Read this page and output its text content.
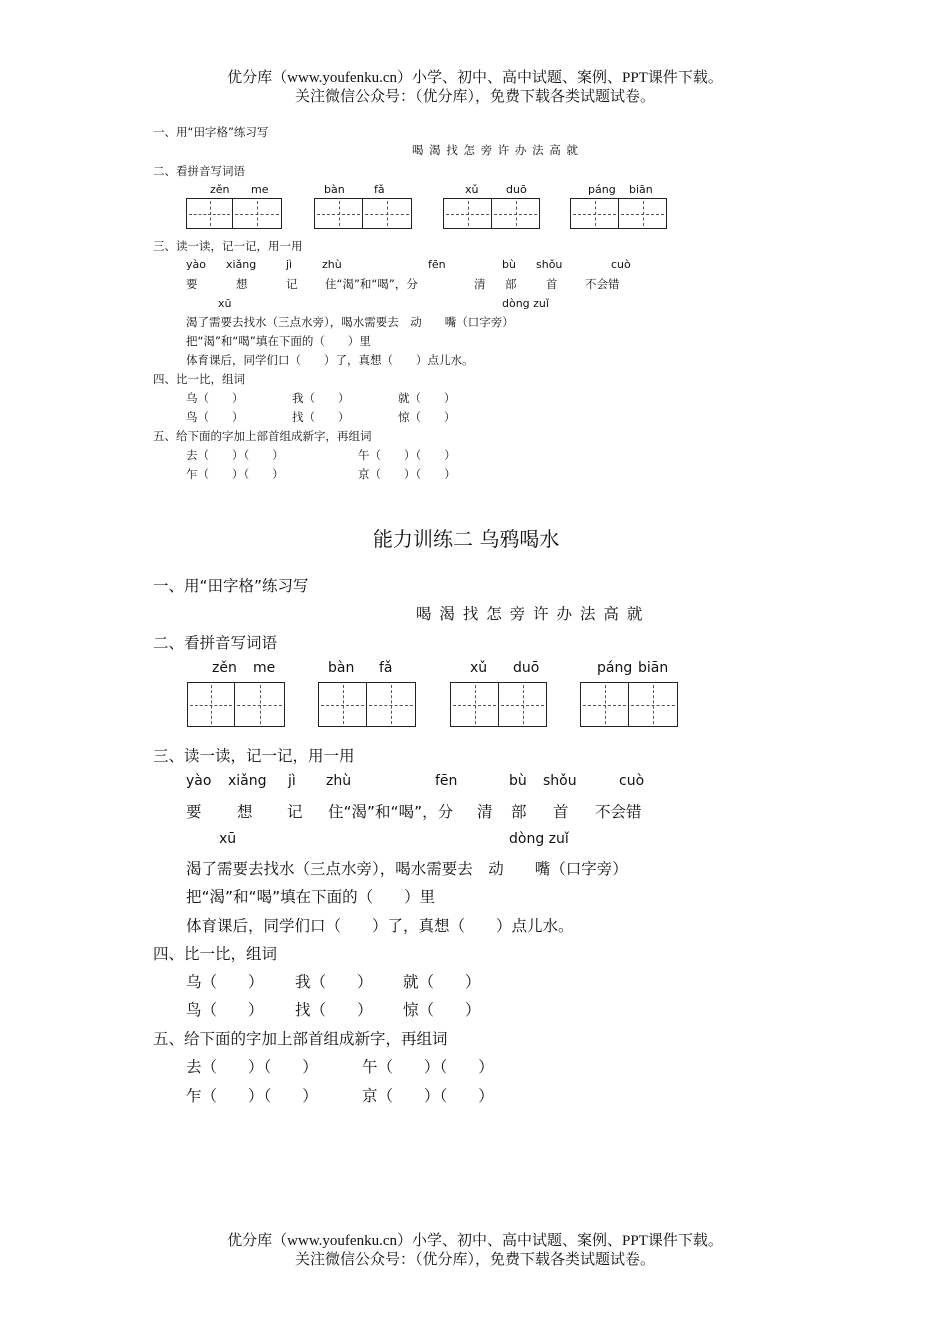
优分库（www.youfenku.cn）小学、初中、高中试题、案例、PPT课件下载。
关注微信公众号：（优分库），免费下载各类试题试卷。
一、用“田字格”练习写
喝 渴 找 怎 旁 许 办 法 高 就
二、看拼音写词语
zěn me	bàn	fǎ	xǔ	duō	páng biān
三、读一读，记一记，用一用
yào xiǎng	jì	zhù	fēn	bù shǒu	cuò
要	想	记 住“渴”和“喝”，分	清 部	首 不会错
xū	dòng zuǐ
渴了需要去找水（三点水旁），喝水需要去　动　　嘴（口字旁）
把“渴”和“喝”填在下面的（　　）里
体育课后，同学们口（　　）了，真想（　　）点儿水。
四、比一比，组词
乌（　　）	我（　　）	就（　　）
鸟（　　）	找（　　）	惊（　　）
五、给下面的字加上部首组成新字，再组词
去（　　）（　　）	午（　　）（　　）
乍（　　）（　　）	京（　　）（　　）
能力训练二 乌鸦喝水
一、用“田字格”练习写
喝 渴 找 怎 旁 许 办 法 高 就
二、看拼音写词语
zěn me	bàn fǎ	xǔ duō	páng biān
三、读一读，记一记，用一用
yào xiǎng jì zhù	fēn	bù shǒu	cuò
要 想 记 住“渴”和“喝”，分 清 部 首 不会错
xū	dòng zuǐ
渴了需要去找水（三点水旁），喝水需要去　动　　嘴（口字旁）
把“渴”和“喝”填在下面的（　　）里
体育课后，同学们口（　　）了，真想（　　）点儿水。
四、比一比，组词
乌（　　） 我（　　） 就（　　）
鸟（　　） 找（　　） 惊（　　）
五、给下面的字加上部首组成新字，再组词
去（　　）（　　）	午（　　）（　　）
乍（　　）（　　）	京（　　）（　　）
优分库（www.youfenku.cn）小学、初中、高中试题、案例、PPT课件下载。
关注微信公众号：（优分库），免费下载各类试题试卷。
